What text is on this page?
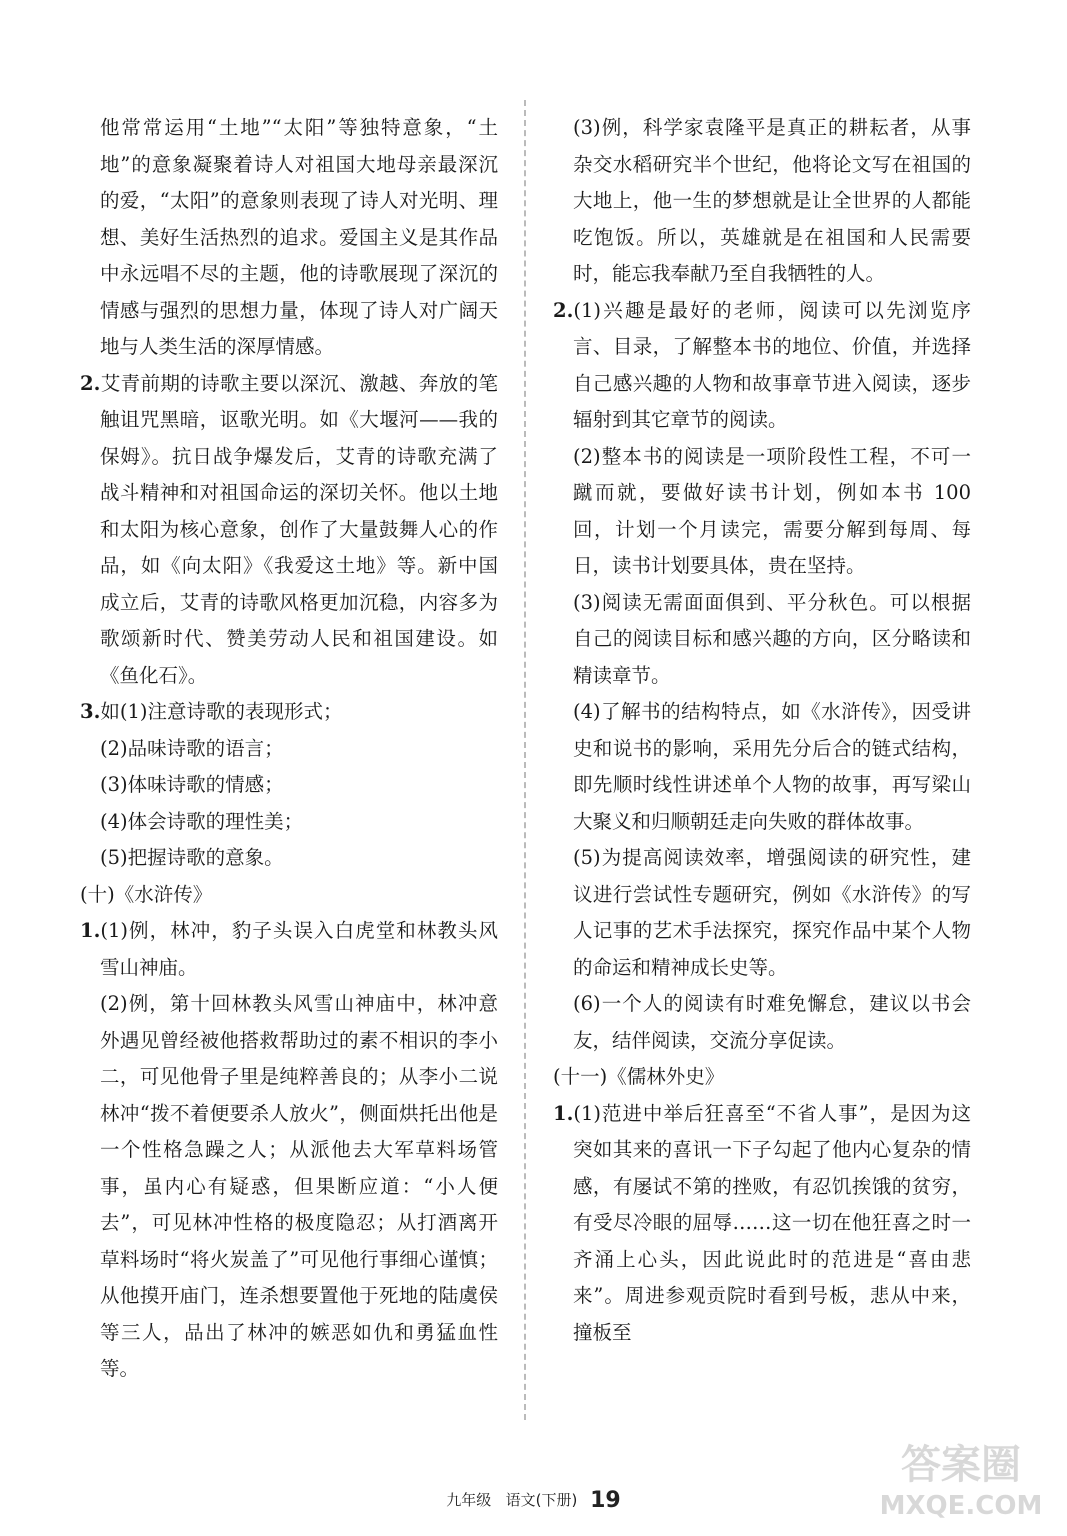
他常常运用“土地”“太阳”等独特意象，“土地”的意象凝聚着诗人对祖国大地母亲最深沉的爱，“太阳”的意象则表现了诗人对光明、理想、美好生活热烈的追求。爱国主义是其作品中永远唱不尽的主题，他的诗歌展现了深沉的情感与强烈的思想力量，体现了诗人对广阔天地与人类生活的深厚情感。

2.艾青前期的诗歌主要以深沉、激越、奔放的笔触诅咒黑暗，讴歌光明。如《大堰河——我的保姆》。抗日战争爆发后，艾青的诗歌充满了战斗精神和对祖国命运的深切关怀。他以土地和太阳为核心意象，创作了大量鼓舞人心的作品，如《向太阳》《我爱这土地》等。新中国成立后，艾青的诗歌风格更加沉稳，内容多为歌颂新时代、赞美劳动人民和祖国建设。如《鱼化石》。

3.如(1)注意诗歌的表现形式；

(2)品味诗歌的语言；

(3)体味诗歌的情感；

(4)体会诗歌的理性美；

(5)把握诗歌的意象。

(十)《水浒传》

1.(1)例，林冲，豹子头误入白虎堂和林教头风雪山神庙。

(2)例，第十回林教头风雪山神庙中，林冲意外遇见曾经被他搭救帮助过的素不相识的李小二，可见他骨子里是纯粹善良的；从李小二说林冲“拨不着便要杀人放火”，侧面烘托出他是一个性格急躁之人；从派他去大军草料场管事，虽内心有疑惑，但果断应道：“小人便去”，可见林冲性格的极度隐忍；从打酒离开草料场时“将火炭盖了”可见他行事细心谨慎；从他摸开庙门，连杀想要置他于死地的陆虞侯等三人，品出了林冲的嫉恶如仇和勇猛血性等。

(3)例，科学家袁隆平是真正的耕耘者，从事杂交水稻研究半个世纪，他将论文写在祖国的大地上，他一生的梦想就是让全世界的人都能吃饱饭。所以，英雄就是在祖国和人民需要时，能忘我奉献乃至自我牺牲的人。

2.(1)兴趣是最好的老师，阅读可以先浏览序言、目录，了解整本书的地位、价值，并选择自己感兴趣的人物和故事章节进入阅读，逐步辐射到其它章节的阅读。

(2)整本书的阅读是一项阶段性工程，不可一蹴而就，要做好读书计划，例如本书 100 回，计划一个月读完，需要分解到每周、每日，读书计划要具体，贵在坚持。

(3)阅读无需面面俱到、平分秋色。可以根据自己的阅读目标和感兴趣的方向，区分略读和精读章节。

(4)了解书的结构特点，如《水浒传》，因受讲史和说书的影响，采用先分后合的链式结构，即先顺时线性讲述单个人物的故事，再写梁山大聚义和归顺朝廷走向失败的群体故事。

(5)为提高阅读效率，增强阅读的研究性，建议进行尝试性专题研究，例如《水浒传》的写人记事的艺术手法探究，探究作品中某个人物的命运和精神成长史等。

(6)一个人的阅读有时难免懈怠，建议以书会友，结伴阅读，交流分享促读。

(十一)《儒林外史》

1.(1)范进中举后狂喜至“不省人事”，是因为这突如其来的喜讯一下子勾起了他内心复杂的情感，有屡试不第的挫败，有忍饥挨饿的贫穷，有受尽冷眼的屈辱……这一切在他狂喜之时一齐涌上心头，因此说此时的范进是“喜由悲来”。周进参观贡院时看到号板，悲从中来，撞板至

九年级 语文(下册) 19
答案圈
MXQE.COM
